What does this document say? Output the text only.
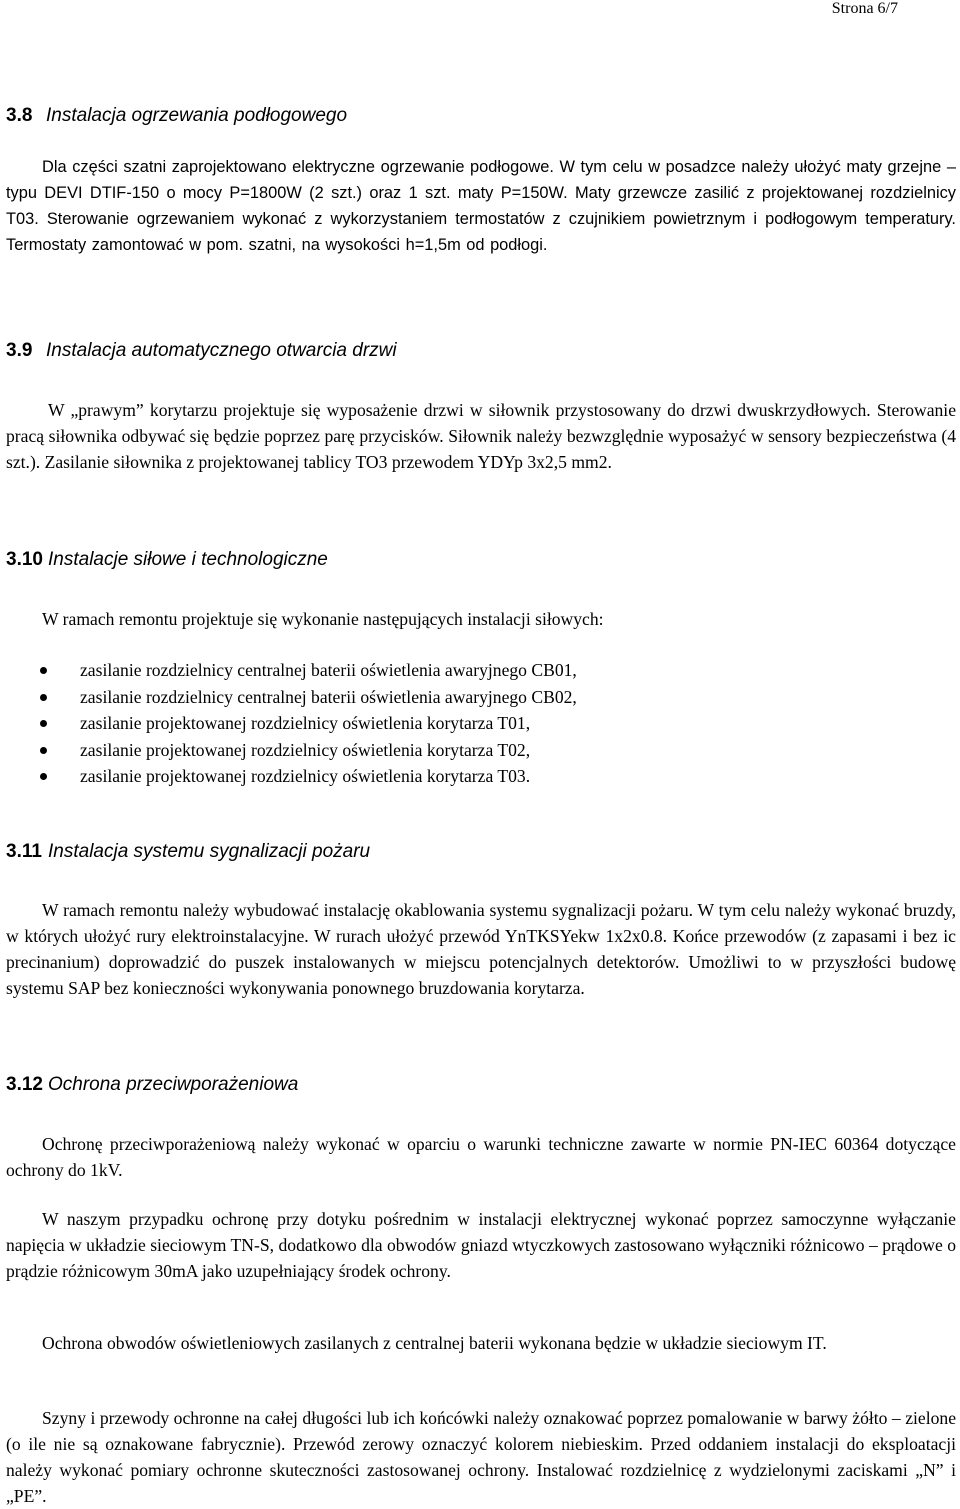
Strona 6/7
3.8 Instalacja ogrzewania podłogowego
Dla części szatni zaprojektowano elektryczne ogrzewanie podłogowe. W tym celu w posadzce należy ułożyć maty grzejne – typu DEVI DTIF-150 o mocy P=1800W (2 szt.) oraz 1 szt. maty P=150W. Maty grzewcze zasilić z projektowanej rozdzielnicy T03. Sterowanie ogrzewaniem wykonać z wykorzystaniem termostatów z czujnikiem powietrznym i podłogowym temperatury. Termostaty zamontować w pom. szatni, na wysokości h=1,5m od podłogi.
3.9 Instalacja automatycznego otwarcia drzwi
W „prawym” korytarzu projektuje się wyposażenie drzwi w siłownik przystosowany do drzwi dwuskrzydłowych. Sterowanie pracą siłownika odbywać się będzie poprzez parę przycisków. Siłownik należy bezwzględnie wyposażyć w sensory bezpieczeństwa (4 szt.). Zasilanie siłownika z projektowanej tablicy TO3 przewodem YDYp 3x2,5 mm2.
3.10 Instalacje siłowe i technologiczne
W ramach remontu projektuje się wykonanie następujących instalacji siłowych:
zasilanie rozdzielnicy centralnej baterii oświetlenia awaryjnego CB01,
zasilanie rozdzielnicy centralnej baterii oświetlenia awaryjnego CB02,
zasilanie projektowanej rozdzielnicy oświetlenia korytarza T01,
zasilanie projektowanej rozdzielnicy oświetlenia korytarza T02,
zasilanie projektowanej rozdzielnicy oświetlenia korytarza T03.
3.11 Instalacja systemu sygnalizacji pożaru
W ramach remontu należy wybudować instalację okablowania systemu sygnalizacji pożaru. W tym celu należy wykonać bruzdy, w których ułożyć rury elektroinstalacyjne. W rurach ułożyć przewód YnTKSYekw 1x2x0.8. Końce przewodów (z zapasami i bez ic precinanium) doprowadzić do puszek instalowanych w miejscu potencjalnych detektorów. Umożliwi to w przyszłości budowę systemu SAP bez konieczności wykonywania ponownego bruzdowania korytarza.
3.12 Ochrona przeciwporażeniowa
Ochronę przeciwporażeniową należy wykonać w oparciu o warunki techniczne zawarte w normie PN-IEC 60364 dotyczące ochrony do 1kV.
W naszym przypadku ochronę przy dotyku pośrednim w instalacji elektrycznej wykonać poprzez samoczynne wyłączanie napięcia w układzie sieciowym TN-S, dodatkowo dla obwodów gniazd wtyczkowych zastosowano wyłączniki różnicowo – prądowe o prądzie różnicowym 30mA jako uzupełniający środek ochrony.
Ochrona obwodów oświetleniowych zasilanych z centralnej baterii wykonana będzie w układzie sieciowym IT.
Szyny i przewody ochronne na całej długości lub ich końcówki należy oznakować poprzez pomalowanie w barwy żółto – zielone (o ile nie są oznakowane fabrycznie). Przewód zerowy oznaczyć kolorem niebieskim. Przed oddaniem instalacji do eksploatacji należy wykonać pomiary ochronne skuteczności zastosowanej ochrony. Instalować rozdzielnicę z wydzielonymi zaciskami „N” i „PE”.
